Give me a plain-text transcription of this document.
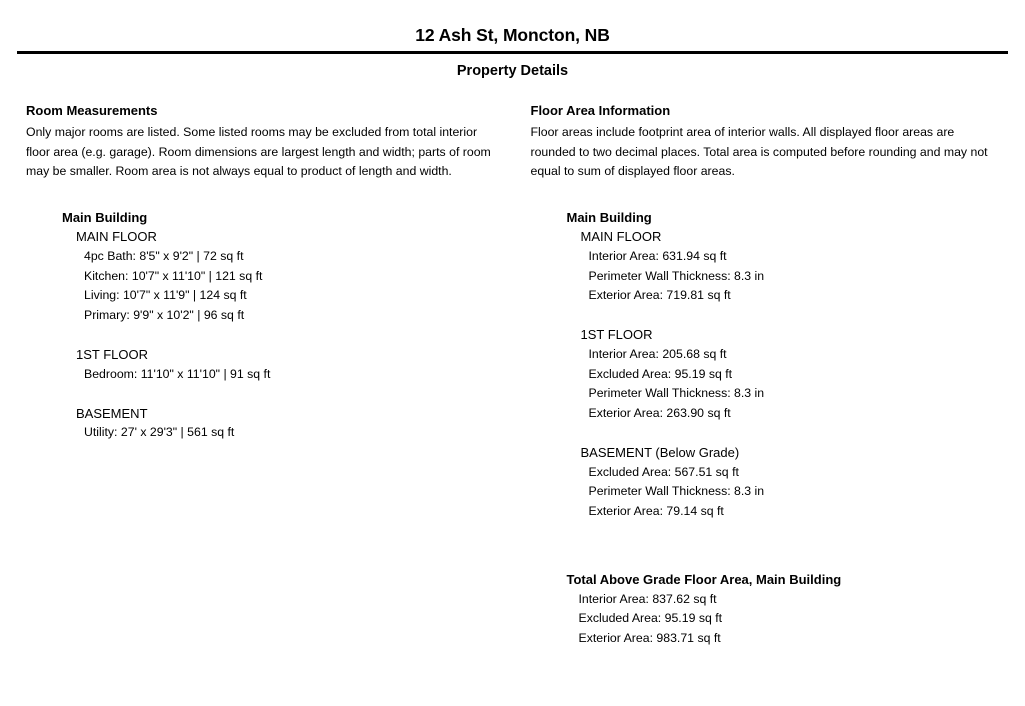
12 Ash St, Moncton, NB
Property Details
Room Measurements
Only major rooms are listed. Some listed rooms may be excluded from total interior floor area (e.g. garage). Room dimensions are largest length and width; parts of room may be smaller. Room area is not always equal to product of length and width.
Main Building
MAIN FLOOR
4pc Bath: 8'5" x 9'2" | 72 sq ft
Kitchen: 10'7" x 11'10" | 121 sq ft
Living: 10'7" x 11'9" | 124 sq ft
Primary: 9'9" x 10'2" | 96 sq ft
1ST FLOOR
Bedroom: 11'10" x 11'10" | 91 sq ft
BASEMENT
Utility: 27' x 29'3" | 561 sq ft
Floor Area Information
Floor areas include footprint area of interior walls. All displayed floor areas are rounded to two decimal places. Total area is computed before rounding and may not equal to sum of displayed floor areas.
Main Building
MAIN FLOOR
Interior Area: 631.94 sq ft
Perimeter Wall Thickness: 8.3 in
Exterior Area: 719.81 sq ft
1ST FLOOR
Interior Area: 205.68 sq ft
Excluded Area: 95.19 sq ft
Perimeter Wall Thickness: 8.3 in
Exterior Area: 263.90 sq ft
BASEMENT (Below Grade)
Excluded Area: 567.51 sq ft
Perimeter Wall Thickness: 8.3 in
Exterior Area: 79.14 sq ft
Total Above Grade Floor Area, Main Building
Interior Area: 837.62 sq ft
Excluded Area: 95.19 sq ft
Exterior Area: 983.71 sq ft
